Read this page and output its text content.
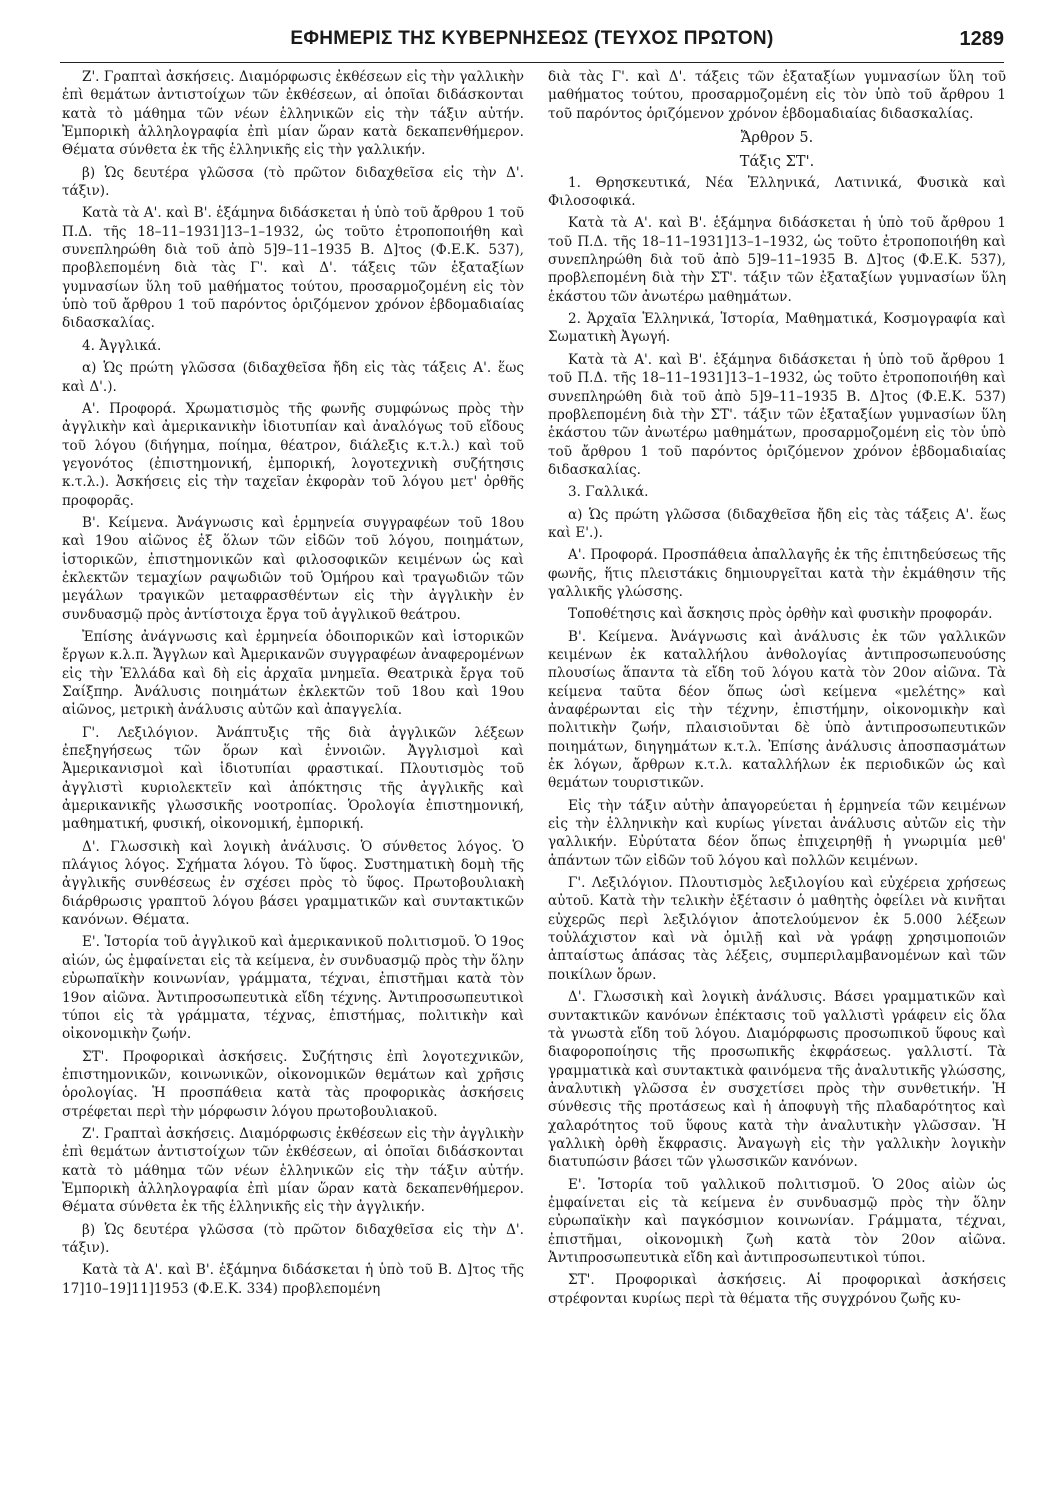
ΕΦΗΜΕΡΙΣ ΤΗΣ ΚΥΒΕΡΝΗΣΕΩΣ (ΤΕΥΧΟΣ ΠΡΩΤΟΝ)	1289

Ζ'. Γραπταὶ ἀσκήσεις. Διαμόρφωσις ἐκθέσεων εἰς τὴν γαλλικὴν ἐπὶ θεμάτων ἀντιστοίχων τῶν ἐκθέσεων, αἱ ὁποῖαι διδάσκονται κατὰ τὸ μάθημα τῶν νέων ἑλληνικῶν εἰς τὴν τάξιν αὐτήν. Ἐμπορικὴ ἀλληλογραφία ἐπὶ μίαν ὥραν κατὰ δεκαπενθήμερον. Θέματα σύνθετα ἐκ τῆς ἑλληνικῆς εἰς τὴν γαλλικήν.

β) Ὡς δευτέρα γλῶσσα (τὸ πρῶτον διδαχθεῖσα εἰς τὴν Δ'. τάξιν).

Κατὰ τὰ Α'. καὶ Β'. ἑξάμηνα διδάσκεται ἡ ὑπὸ τοῦ ἄρθρου 1 τοῦ Π.Δ. τῆς 18–11–1931]13–1–1932, ὡς τοῦτο ἐτροποποιήθη καὶ συνεπληρώθη διὰ τοῦ ἀπὸ 5]9–11–1935 Β. Δ]τος (Φ.Ε.Κ. 537), προβλεπομένη διὰ τὰς Γ'. καὶ Δ'. τάξεις τῶν ἑξαταξίων γυμνασίων ὕλη τοῦ μαθήματος τούτου, προσαρμοζομένη εἰς τὸν ὑπὸ τοῦ ἄρθρου 1 τοῦ παρόντος ὁριζόμενον χρόνον ἑβδομαδιαίας διδασκαλίας.

4. Ἀγγλικά.

α) Ὡς πρώτη γλῶσσα (διδαχθεῖσα ἤδη εἰς τὰς τάξεις Α'. ἕως καὶ Δ'.).

Α'. Προφορά. Χρωματισμὸς τῆς φωνῆς συμφώνως πρὸς τὴν ἀγγλικὴν καὶ ἀμερικανικὴν ἰδιοτυπίαν καὶ ἀναλόγως τοῦ εἴδους τοῦ λόγου (διήγημα, ποίημα, θέατρον, διάλεξις κ.τ.λ.) καὶ τοῦ γεγονότος (ἐπιστημονική, ἐμπορική, λογοτεχνικὴ συζήτησις κ.τ.λ.). Ἀσκήσεις εἰς τὴν ταχεῖαν ἐκφορὰν τοῦ λόγου μετ' ὀρθῆς προφορᾶς.

Β'. Κείμενα. Ἀνάγνωσις καὶ ἑρμηνεία συγγραφέων τοῦ 18ου καὶ 19ου αἰῶνος ἐξ ὅλων τῶν εἰδῶν τοῦ λόγου, ποιημάτων, ἱστορικῶν, ἐπιστημονικῶν καὶ φιλοσοφικῶν κειμένων ὡς καὶ ἐκλεκτῶν τεμαχίων ραψωδιῶν τοῦ Ὁμήρου καὶ τραγωδιῶν τῶν μεγάλων τραγικῶν μεταφρασθέντων εἰς τὴν ἀγγλικὴν ἐν συνδυασμῷ πρὸς ἀντίστοιχα ἔργα τοῦ ἀγγλικοῦ θεάτρου.

Ἐπίσης ἀνάγνωσις καὶ ἑρμηνεία ὁδοιπορικῶν καὶ ἱστορικῶν ἔργων κ.λ.π. Ἄγγλων καὶ Ἀμερικανῶν συγγραφέων ἀναφερομένων εἰς τὴν Ἑλλάδα καὶ δὴ εἰς ἀρχαῖα μνημεῖα. Θεατρικὰ ἔργα τοῦ Σαίξπηρ. Ἀνάλυσις ποιημάτων ἐκλεκτῶν τοῦ 18ου καὶ 19ου αἰῶνος, μετρικὴ ἀνάλυσις αὐτῶν καὶ ἀπαγγελία.

Γ'. Λεξιλόγιον. Ἀνάπτυξις τῆς διὰ ἀγγλικῶν λέξεων ἐπεξηγήσεως τῶν ὅρων καὶ ἐννοιῶν. Ἀγγλισμοὶ καὶ Ἀμερικανισμοὶ καὶ ἰδιοτυπίαι φραστικαί. Πλουτισμὸς τοῦ ἀγγλιστὶ κυριολεκτεῖν καὶ ἀπόκτησις τῆς ἀγγλικῆς καὶ ἀμερικανικῆς γλωσσικῆς νοοτροπίας. Ὁρολογία ἐπιστημονική, μαθηματική, φυσική, οἰκονομική, ἐμπορική.

Δ'. Γλωσσικὴ καὶ λογικὴ ἀνάλυσις. Ὁ σύνθετος λόγος. Ὁ πλάγιος λόγος. Σχήματα λόγου. Τὸ ὕφος. Συστηματικὴ δομὴ τῆς ἀγγλικῆς συνθέσεως ἐν σχέσει πρὸς τὸ ὕφος. Πρωτοβουλιακὴ διάρθρωσις γραπτοῦ λόγου βάσει γραμματικῶν καὶ συντακτικῶν κανόνων. Θέματα.

Ε'. Ἱστορία τοῦ ἀγγλικοῦ καὶ ἀμερικανικοῦ πολιτισμοῦ. Ὁ 19ος αἰών, ὡς ἐμφαίνεται εἰς τὰ κείμενα, ἐν συνδυασμῷ πρὸς τὴν ὅλην εὐρωπαϊκὴν κοινωνίαν, γράμματα, τέχναι, ἐπιστῆμαι κατὰ τὸν 19ον αἰῶνα. Ἀντιπροσωπευτικὰ εἴδη τέχνης. Ἀντιπροσωπευτικοὶ τύποι εἰς τὰ γράμματα, τέχνας, ἐπιστήμας, πολιτικὴν καὶ οἰκονομικὴν ζωήν.

ΣΤ'. Προφορικαὶ ἀσκήσεις. Συζήτησις ἐπὶ λογοτεχνικῶν, ἐπιστημονικῶν, κοινωνικῶν, οἰκονομικῶν θεμάτων καὶ χρῆσις ὁρολογίας. Ἡ προσπάθεια κατὰ τὰς προφορικὰς ἀσκήσεις στρέφεται περὶ τὴν μόρφωσιν λόγου πρωτοβουλιακοῦ.

Ζ'. Γραπταὶ ἀσκήσεις. Διαμόρφωσις ἐκθέσεων εἰς τὴν ἀγγλικὴν ἐπὶ θεμάτων ἀντιστοίχων τῶν ἐκθέσεων, αἱ ὁποῖαι διδάσκονται κατὰ τὸ μάθημα τῶν νέων ἑλληνικῶν εἰς τὴν τάξιν αὐτήν. Ἐμπορικὴ ἀλληλογραφία ἐπὶ μίαν ὥραν κατὰ δεκαπενθήμερον. Θέματα σύνθετα ἐκ τῆς ἑλληνικῆς εἰς τὴν ἀγγλικήν.

β) Ὡς δευτέρα γλῶσσα (τὸ πρῶτον διδαχθεῖσα εἰς τὴν Δ'. τάξιν).

Κατὰ τὰ Α'. καὶ Β'. ἑξάμηνα διδάσκεται ἡ ὑπὸ τοῦ Β. Δ]τος τῆς 17]10–19]11]1953 (Φ.Ε.Κ. 334) προβλεπομένη

διὰ τὰς Γ'. καὶ Δ'. τάξεις τῶν ἑξαταξίων γυμνασίων ὕλη τοῦ μαθήματος τούτου, προσαρμοζομένη εἰς τὸν ὑπὸ τοῦ ἄρθρου 1 τοῦ παρόντος ὁριζόμενον χρόνον ἑβδομαδιαίας διδασκαλίας.

Ἄρθρον 5.

Τάξις ΣΤ'.

1. Θρησκευτικά, Νέα Ἑλληνικά, Λατινικά, Φυσικὰ καὶ Φιλοσοφικά.

Κατὰ τὰ Α'. καὶ Β'. ἑξάμηνα διδάσκεται ἡ ὑπὸ τοῦ ἄρθρου 1 τοῦ Π.Δ. τῆς 18–11–1931]13–1–1932, ὡς τοῦτο ἐτροποποιήθη καὶ συνεπληρώθη διὰ τοῦ ἀπὸ 5]9–11–1935 Β. Δ]τος (Φ.Ε.Κ. 537), προβλεπομένη διὰ τὴν ΣΤ'. τάξιν τῶν ἑξαταξίων γυμνασίων ὕλη ἑκάστου τῶν ἀνωτέρω μαθημάτων.

2. Ἀρχαῖα Ἑλληνικά, Ἱστορία, Μαθηματικά, Κοσμογραφία καὶ Σωματικὴ Ἀγωγή.

Κατὰ τὰ Α'. καὶ Β'. ἑξάμηνα διδάσκεται ἡ ὑπὸ τοῦ ἄρθρου 1 τοῦ Π.Δ. τῆς 18–11–1931]13–1–1932, ὡς τοῦτο ἐτροποποιήθη καὶ συνεπληρώθη διὰ τοῦ ἀπὸ 5]9–11–1935 Β. Δ]τος (Φ.Ε.Κ. 537) προβλεπομένη διὰ τὴν ΣΤ'. τάξιν τῶν ἑξαταξίων γυμνασίων ὕλη ἑκάστου τῶν ἀνωτέρω μαθημάτων, προσαρμοζομένη εἰς τὸν ὑπὸ τοῦ ἄρθρου 1 τοῦ παρόντος ὁριζόμενον χρόνον ἑβδομαδιαίας διδασκαλίας.

3. Γαλλικά.

α) Ὡς πρώτη γλῶσσα (διδαχθεῖσα ἤδη εἰς τὰς τάξεις Α'. ἕως καὶ Ε'.).

Α'. Προφορά. Προσπάθεια ἀπαλλαγῆς ἐκ τῆς ἐπιτηδεύσεως τῆς φωνῆς, ἥτις πλειστάκις δημιουργεῖται κατὰ τὴν ἐκμάθησιν τῆς γαλλικῆς γλώσσης.

Τοποθέτησις καὶ ἄσκησις πρὸς ὀρθὴν καὶ φυσικὴν προφοράν.

Β'. Κείμενα. Ἀνάγνωσις καὶ ἀνάλυσις ἐκ τῶν γαλλικῶν κειμένων ἐκ καταλλήλου ἀνθολογίας ἀντιπροσωπευούσης πλουσίως ἅπαντα τὰ εἴδη τοῦ λόγου κατὰ τὸν 20ον αἰῶνα. Τὰ κείμενα ταῦτα δέον ὅπως ὡσὶ κείμενα «μελέτης» καὶ ἀναφέρωνται εἰς τὴν τέχνην, ἐπιστήμην, οἰκονομικὴν καὶ πολιτικὴν ζωήν, πλαισιοῦνται δὲ ὑπὸ ἀντιπροσωπευτικῶν ποιημάτων, διηγημάτων κ.τ.λ. Ἐπίσης ἀνάλυσις ἀποσπασμάτων ἐκ λόγων, ἄρθρων κ.τ.λ. καταλλήλων ἐκ περιοδικῶν ὡς καὶ θεμάτων τουριστικῶν.

Εἰς τὴν τάξιν αὐτὴν ἀπαγορεύεται ἡ ἑρμηνεία τῶν κειμένων εἰς τὴν ἑλληνικὴν καὶ κυρίως γίνεται ἀνάλυσις αὐτῶν εἰς τὴν γαλλικήν. Εὐρύτατα δέον ὅπως ἐπιχειρηθῇ ἡ γνωριμία μεθ' ἁπάντων τῶν εἰδῶν τοῦ λόγου καὶ πολλῶν κειμένων.

Γ'. Λεξιλόγιον. Πλουτισμὸς λεξιλογίου καὶ εὐχέρεια χρήσεως αὐτοῦ. Κατὰ τὴν τελικὴν ἐξέτασιν ὁ μαθητὴς ὀφείλει νὰ κινῆται εὐχερῶς περὶ λεξιλόγιον ἀποτελούμενον ἐκ 5.000 λέξεων τοὐλάχιστον καὶ νὰ ὁμιλῇ καὶ νὰ γράφῃ χρησιμοποιῶν ἀπταίστως ἁπάσας τὰς λέξεις, συμπεριλαμβανομένων καὶ τῶν ποικίλων ὅρων.

Δ'. Γλωσσικὴ καὶ λογικὴ ἀνάλυσις. Βάσει γραμματικῶν καὶ συντακτικῶν κανόνων ἐπέκτασις τοῦ γαλλιστὶ γράφειν εἰς ὅλα τὰ γνωστὰ εἴδη τοῦ λόγου. Διαμόρφωσις προσωπικοῦ ὕφους καὶ διαφοροποίησις τῆς προσωπικῆς ἐκφράσεως. γαλλιστί. Τὰ γραμματικὰ καὶ συντακτικὰ φαινόμενα τῆς ἀναλυτικῆς γλώσσης, ἀναλυτικὴ γλῶσσα ἐν συσχετίσει πρὸς τὴν συνθετικήν. Ἡ σύνθεσις τῆς προτάσεως καὶ ἡ ἀποφυγὴ τῆς πλαδαρότητος καὶ χαλαρότητος τοῦ ὕφους κατὰ τὴν ἀναλυτικὴν γλῶσσαν. Ἡ γαλλικὴ ὀρθὴ ἔκφρασις. Ἀναγωγὴ εἰς τὴν γαλλικὴν λογικὴν διατυπώσιν βάσει τῶν γλωσσικῶν κανόνων.

Ε'. Ἱστορία τοῦ γαλλικοῦ πολιτισμοῦ. Ὁ 20ος αἰὼν ὡς ἐμφαίνεται εἰς τὰ κείμενα ἐν συνδυασμῷ πρὸς τὴν ὅλην εὐρωπαϊκὴν καὶ παγκόσμιον κοινωνίαν. Γράμματα, τέχναι, ἐπιστῆμαι, οἰκονομικὴ ζωὴ κατὰ τὸν 20ον αἰῶνα. Ἀντιπροσωπευτικὰ εἴδη καὶ ἀντιπροσωπευτικοὶ τύποι.

ΣΤ'. Προφορικαὶ ἀσκήσεις. Αἱ προφορικαὶ ἀσκήσεις στρέφονται κυρίως περὶ τὰ θέματα τῆς συγχρόνου ζωῆς κυ-
